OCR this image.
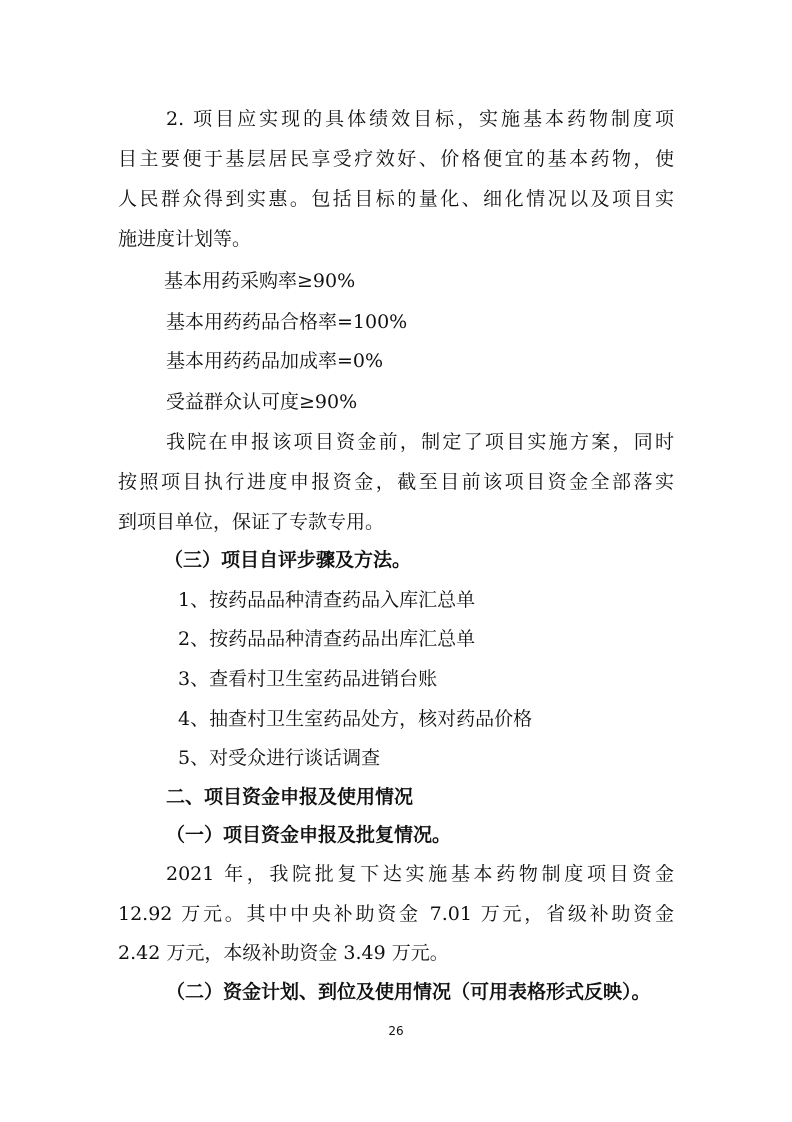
2. 项目应实现的具体绩效目标，实施基本药物制度项
目主要便于基层居民享受疗效好、价格便宜的基本药物，使
人民群众得到实惠。包括目标的量化、细化情况以及项目实
施进度计划等。
基本用药采购率≥90%
基本用药药品合格率=100%
基本用药药品加成率=0%
受益群众认可度≥90%
我院在申报该项目资金前，制定了项目实施方案，同时
按照项目执行进度申报资金，截至目前该项目资金全部落实
到项目单位，保证了专款专用。
（三）项目自评步骤及方法。
1、按药品品种清查药品入库汇总单
2、按药品品种清查药品出库汇总单
3、查看村卫生室药品进销台账
4、抽查村卫生室药品处方，核对药品价格
5、对受众进行谈话调查
二、项目资金申报及使用情况
（一）项目资金申报及批复情况。
2021 年，我院批复下达实施基本药物制度项目资金
12.92 万元。其中中央补助资金 7.01 万元，省级补助资金
2.42 万元，本级补助资金 3.49 万元。
（二）资金计划、到位及使用情况（可用表格形式反映）。
26
